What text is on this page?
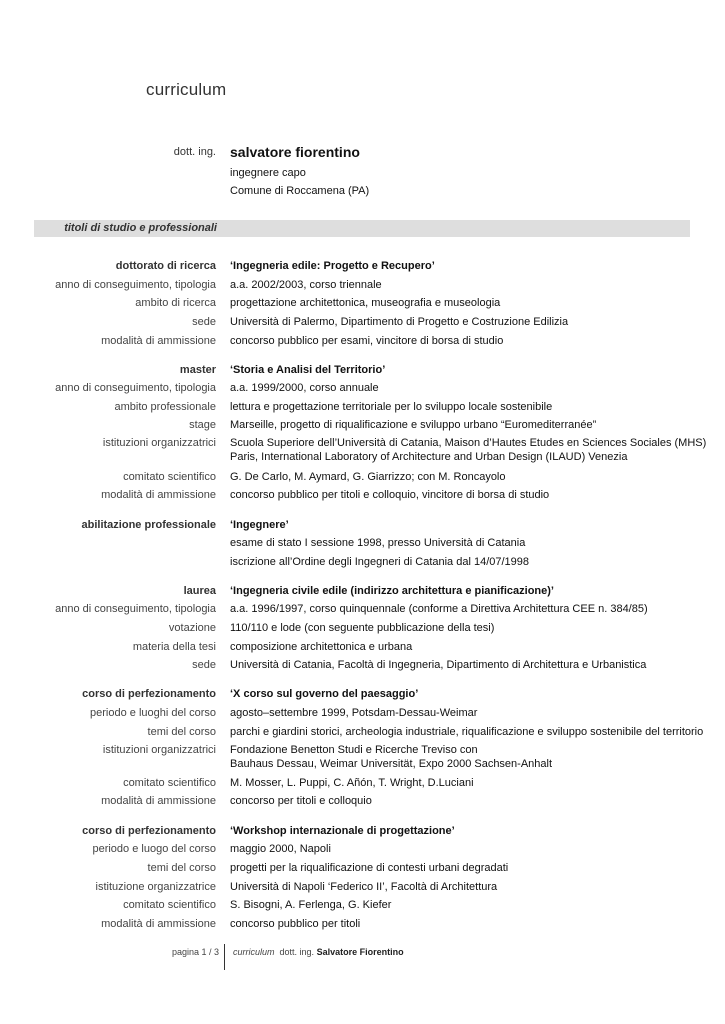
curriculum
dott. ing. salvatore fiorentino
ingegnere capo
Comune di Roccamena (PA)
titoli di studio e professionali
dottorato di ricerca ‘Ingegneria edile: Progetto e Recupero’
anno di conseguimento, tipologia a.a. 2002/2003, corso triennale
ambito di ricerca progettazione architettonica, museografia e museologia
sede Università di Palermo, Dipartimento di Progetto e Costruzione Edilizia
modalità di ammissione concorso pubblico per esami, vincitore di borsa di studio
master ‘Storia e Analisi del Territorio’
anno di conseguimento, tipologia a.a. 1999/2000, corso annuale
ambito professionale lettura e progettazione territoriale per lo sviluppo locale sostenibile
stage Marseille, progetto di riqualificazione e sviluppo urbano “Euromediterranée”
istituzioni organizzatrici Scuola Superiore dell’Università di Catania, Maison d’Hautes Etudes en Sciences Sociales (MHS)
Paris, International Laboratory of Architecture and Urban Design (ILAUD) Venezia
comitato scientifico G. De Carlo, M. Aymard, G. Giarrizzo; con M. Roncayolo
modalità di ammissione concorso pubblico per titoli e colloquio, vincitore di borsa di studio
abilitazione professionale ‘Ingegnere’
esame di stato I sessione 1998, presso Università di Catania
iscrizione all’Ordine degli Ingegneri di Catania dal 14/07/1998
laurea ‘Ingegneria civile edile (indirizzo architettura e pianificazione)’
anno di conseguimento, tipologia a.a. 1996/1997, corso quinquennale (conforme a Direttiva Architettura CEE n. 384/85)
votazione 110/110 e lode (con seguente pubblicazione della tesi)
materia della tesi composizione architettonica e urbana
sede Università di Catania, Facoltà di Ingegneria, Dipartimento di Architettura e Urbanistica
corso di perfezionamento ‘X corso sul governo del paesaggio’
periodo e luoghi del corso agosto–settembre 1999, Potsdam-Dessau-Weimar
temi del corso parchi e giardini storici, archeologia industriale, riqualificazione e sviluppo sostenibile del territorio
istituzioni organizzatrici Fondazione Benetton Studi e Ricerche Treviso con
Bauhaus Dessau, Weimar Universität, Expo 2000 Sachsen-Anhalt
comitato scientifico M. Mosser, L. Puppi, C. Añón, T. Wright, D.Luciani
modalità di ammissione concorso per titoli e colloquio
corso di perfezionamento ‘Workshop internazionale di progettazione’
periodo e luogo del corso maggio 2000, Napoli
temi del corso progetti per la riqualificazione di contesti urbani degradati
istituzione organizzatrice Università di Napoli ‘Federico II’, Facoltà di Architettura
comitato scientifico S. Bisogni, A. Ferlenga, G. Kiefer
modalità di ammissione concorso pubblico per titoli
pagina 1 / 3 curriculum dott. ing. Salvatore Fiorentino
